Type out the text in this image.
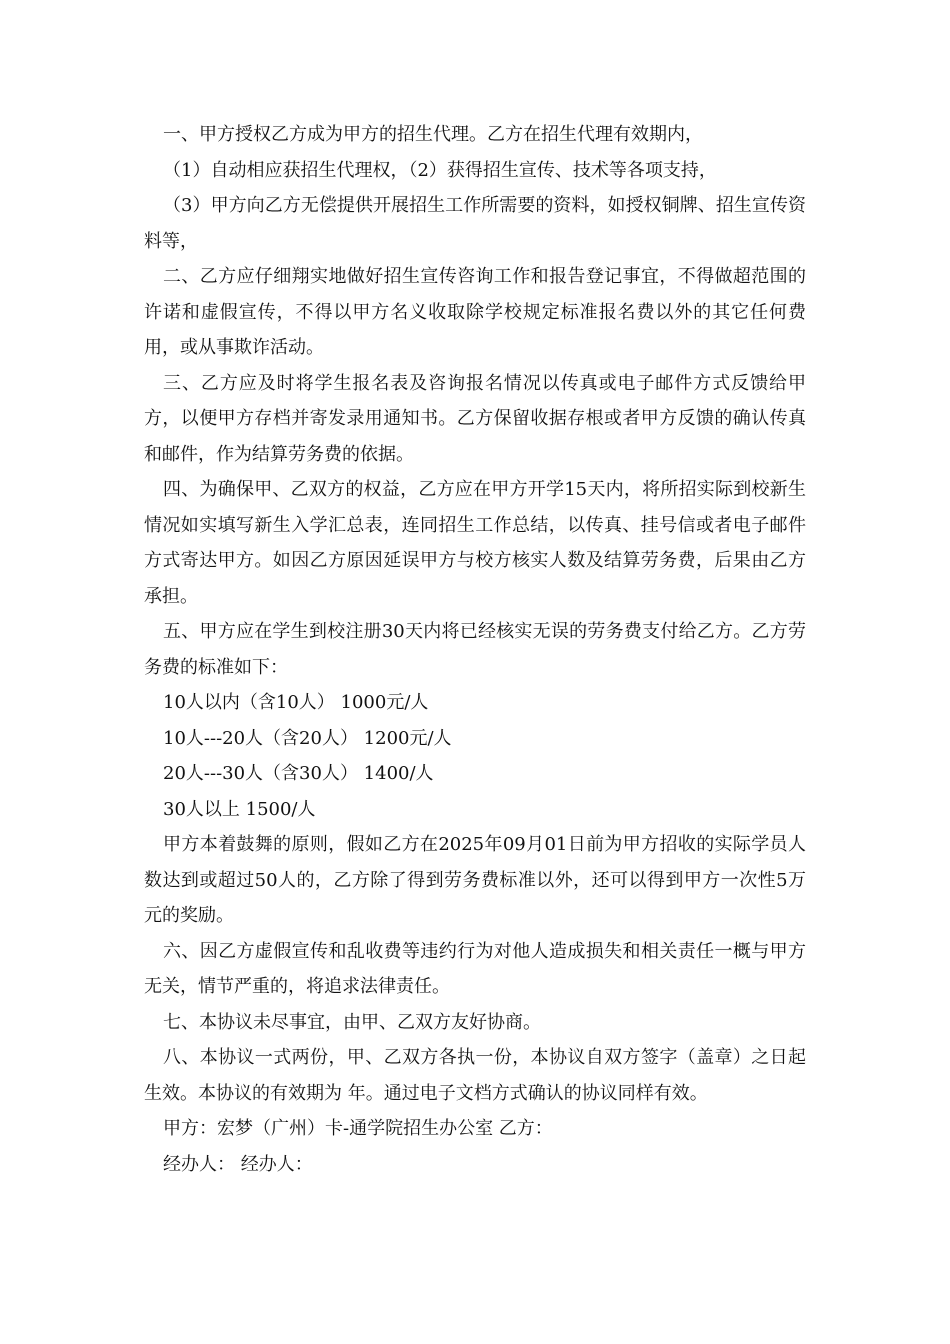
一、甲方授权乙方成为甲方的招生代理。乙方在招生代理有效期内，

（1）自动相应获招生代理权，（2）获得招生宣传、技术等各项支持，

（3）甲方向乙方无偿提供开展招生工作所需要的资料，如授权铜牌、招生宣传资料等，

二、乙方应仔细翔实地做好招生宣传咨询工作和报告登记事宜，不得做超范围的许诺和虚假宣传，不得以甲方名义收取除学校规定标准报名费以外的其它任何费用，或从事欺诈活动。

三、乙方应及时将学生报名表及咨询报名情况以传真或电子邮件方式反馈给甲方，以便甲方存档并寄发录用通知书。乙方保留收据存根或者甲方反馈的确认传真和邮件，作为结算劳务费的依据。

四、为确保甲、乙双方的权益，乙方应在甲方开学15天内，将所招实际到校新生情况如实填写新生入学汇总表，连同招生工作总结，以传真、挂号信或者电子邮件方式寄达甲方。如因乙方原因延误甲方与校方核实人数及结算劳务费，后果由乙方承担。

五、甲方应在学生到校注册30天内将已经核实无误的劳务费支付给乙方。乙方劳务费的标准如下：

10人以内（含10人） 1000元/人

10人---20人（含20人） 1200元/人

20人---30人（含30人） 1400/人

30人以上 1500/人

甲方本着鼓舞的原则，假如乙方在2025年09月01日前为甲方招收的实际学员人数达到或超过50人的，乙方除了得到劳务费标准以外，还可以得到甲方一次性5万元的奖励。

六、因乙方虚假宣传和乱收费等违约行为对他人造成损失和相关责任一概与甲方无关，情节严重的，将追求法律责任。

七、本协议未尽事宜，由甲、乙双方友好协商。

八、本协议一式两份，甲、乙双方各执一份，本协议自双方签字（盖章）之日起生效。本协议的有效期为 年。通过电子文档方式确认的协议同样有效。

甲方：宏梦（广州）卡-通学院招生办公室 乙方：

经办人： 经办人：
